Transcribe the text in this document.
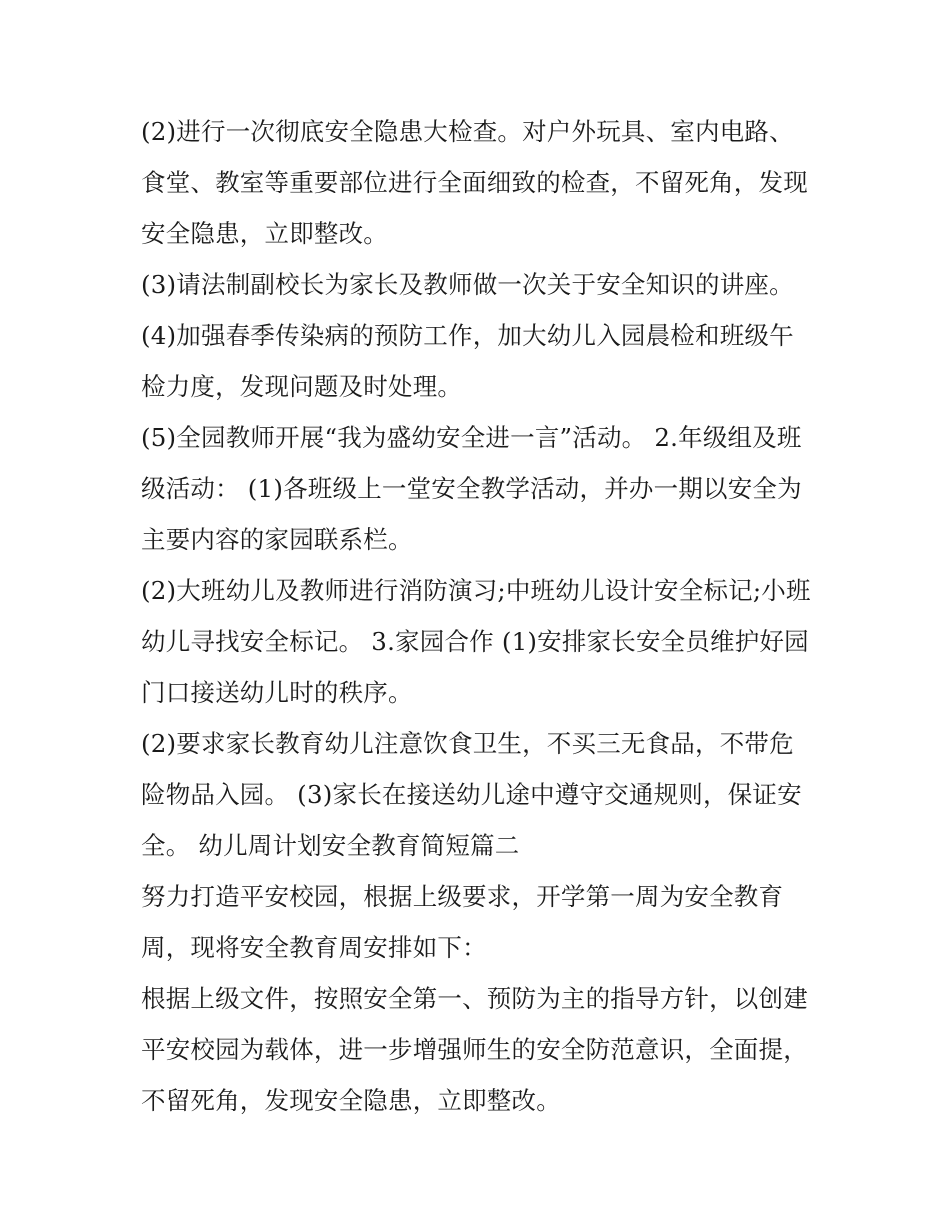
(2)进行一次彻底安全隐患大检查。对户外玩具、室内电路、
食堂、教室等重要部位进行全面细致的检查，不留死角，发现
安全隐患，立即整改。
(3)请法制副校长为家长及教师做一次关于安全知识的讲座。
(4)加强春季传染病的预防工作，加大幼儿入园晨检和班级午
检力度，发现问题及时处理。
(5)全园教师开展“我为盛幼安全进一言”活动。 2.年级组及班
级活动： (1)各班级上一堂安全教学活动，并办一期以安全为
主要内容的家园联系栏。
(2)大班幼儿及教师进行消防演习;中班幼儿设计安全标记;小班
幼儿寻找安全标记。 3.家园合作 (1)安排家长安全员维护好园
门口接送幼儿时的秩序。
(2)要求家长教育幼儿注意饮食卫生，不买三无食品，不带危
险物品入园。 (3)家长在接送幼儿途中遵守交通规则，保证安
全。 幼儿周计划安全教育简短篇二
努力打造平安校园，根据上级要求，开学第一周为安全教育
周，现将安全教育周安排如下：
根据上级文件，按照安全第一、预防为主的指导方针，以创建
平安校园为载体，进一步增强师生的安全防范意识，全面提，
不留死角，发现安全隐患，立即整改。
